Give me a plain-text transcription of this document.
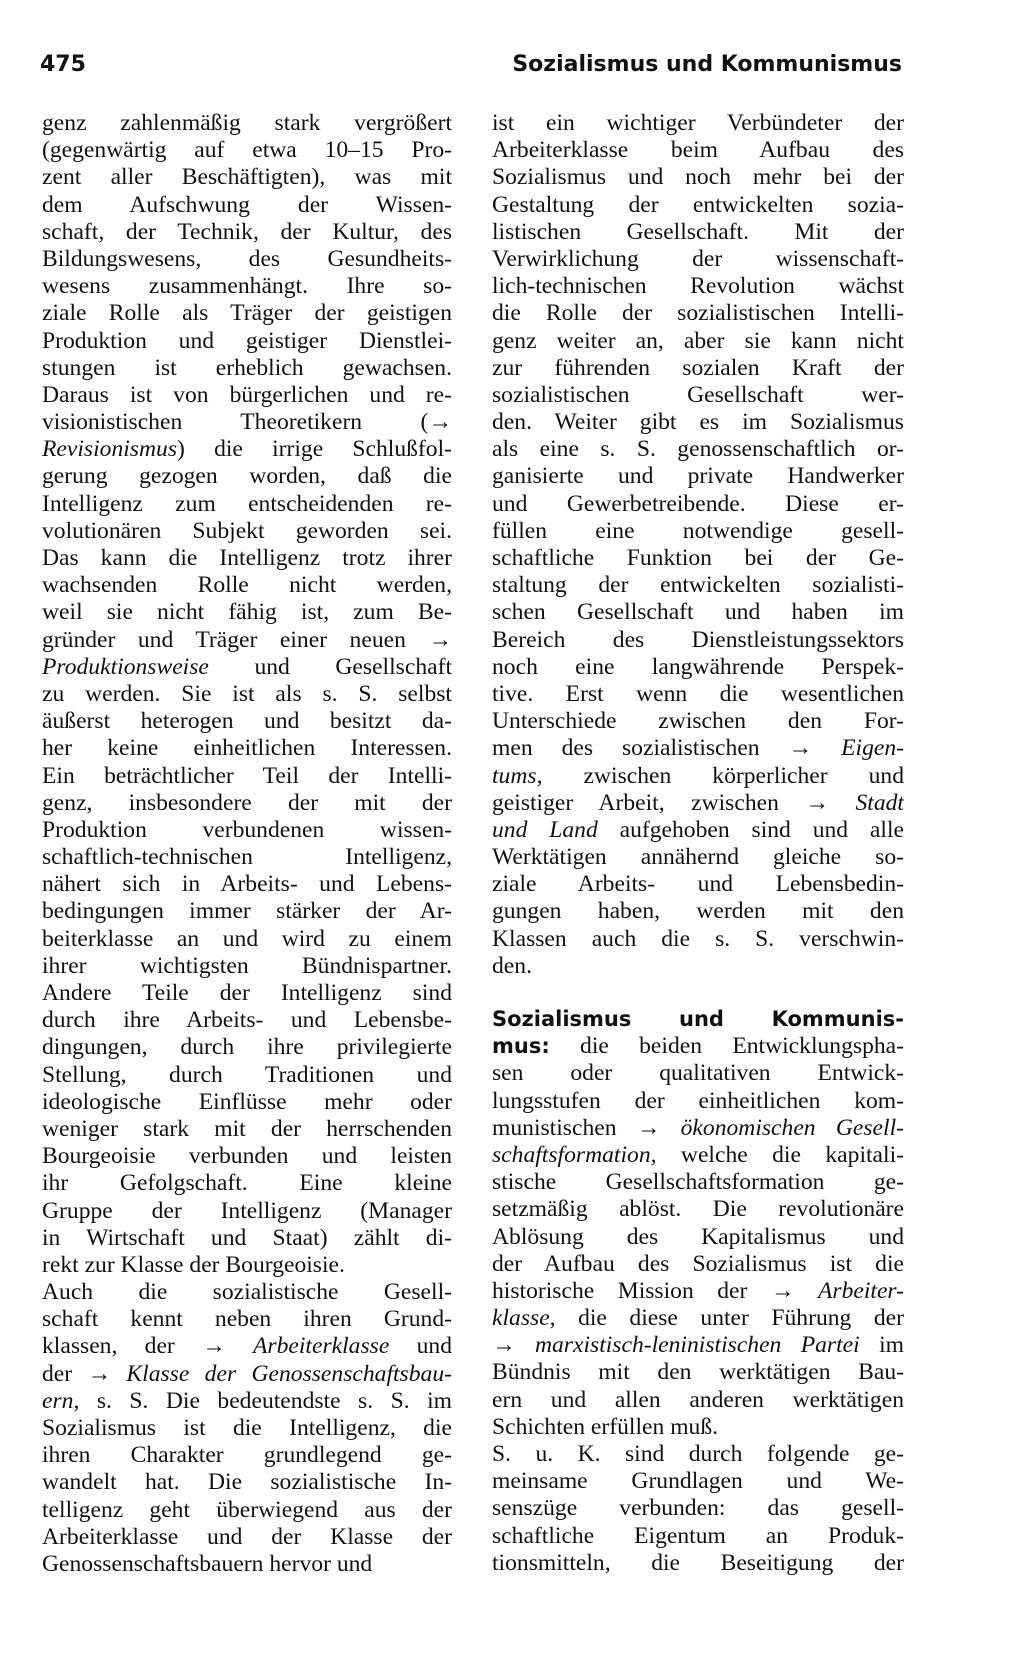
475	Sozialismus und Kommunismus
genz zahlenmäßig stark vergrößert
(gegenwärtig auf etwa 10–15 Pro-
zent aller Beschäftigten), was mit
dem Aufschwung der Wissen-
schaft, der Technik, der Kultur, des
Bildungswesens, des Gesundheits-
wesens zusammenhängt. Ihre so-
ziale Rolle als Träger der geistigen
Produktion und geistiger Dienstlei-
stungen ist erheblich gewachsen.
Daraus ist von bürgerlichen und re-
visionistischen Theoretikern (→
Revisionismus) die irrige Schlußfol-
gerung gezogen worden, daß die
Intelligenz zum entscheidenden re-
volutionären Subjekt geworden sei.
Das kann die Intelligenz trotz ihrer
wachsenden Rolle nicht werden,
weil sie nicht fähig ist, zum Be-
gründer und Träger einer neuen →
Produktionsweise und Gesellschaft
zu werden. Sie ist als s. S. selbst
äußerst heterogen und besitzt da-
her keine einheitlichen Interessen.
Ein beträchtlicher Teil der Intelli-
genz, insbesondere der mit der
Produktion verbundenen wissen-
schaftlich-technischen Intelligenz,
nähert sich in Arbeits- und Lebens-
bedingungen immer stärker der Ar-
beiterklasse an und wird zu einem
ihrer wichtigsten Bündnispartner.
Andere Teile der Intelligenz sind
durch ihre Arbeits- und Lebensbe-
dingungen, durch ihre privilegierte
Stellung, durch Traditionen und
ideologische Einflüsse mehr oder
weniger stark mit der herrschenden
Bourgeoisie verbunden und leisten
ihr Gefolgschaft. Eine kleine
Gruppe der Intelligenz (Manager
in Wirtschaft und Staat) zählt di-
rekt zur Klasse der Bourgeoisie.
Auch die sozialistische Gesell-
schaft kennt neben ihren Grund-
klassen, der → Arbeiterklasse und
der → Klasse der Genossenschaftsbau-
ern, s. S. Die bedeutendste s. S. im
Sozialismus ist die Intelligenz, die
ihren Charakter grundlegend ge-
wandelt hat. Die sozialistische In-
telligenz geht überwiegend aus der
Arbeiterklasse und der Klasse der
Genossenschaftsbauern hervor und
ist ein wichtiger Verbündeter der
Arbeiterklasse beim Aufbau des
Sozialismus und noch mehr bei der
Gestaltung der entwickelten sozia-
listischen Gesellschaft. Mit der
Verwirklichung der wissenschaft-
lich-technischen Revolution wächst
die Rolle der sozialistischen Intelli-
genz weiter an, aber sie kann nicht
zur führenden sozialen Kraft der
sozialistischen Gesellschaft wer-
den. Weiter gibt es im Sozialismus
als eine s. S. genossenschaftlich or-
ganisierte und private Handwerker
und Gewerbetreibende. Diese er-
füllen eine notwendige gesell-
schaftliche Funktion bei der Ge-
staltung der entwickelten sozialisti-
schen Gesellschaft und haben im
Bereich des Dienstleistungssektors
noch eine langwährende Perspek-
tive. Erst wenn die wesentlichen
Unterschiede zwischen den For-
men des sozialistischen → Eigen-
tums, zwischen körperlicher und
geistiger Arbeit, zwischen → Stadt
und Land aufgehoben sind und alle
Werktätigen annähernd gleiche so-
ziale Arbeits- und Lebensbedin-
gungen haben, werden mit den
Klassen auch die s. S. verschwin-
den.
Sozialismus und Kommunis-
mus: die beiden Entwicklungspha-
sen oder qualitativen Entwick-
lungsstufen der einheitlichen kom-
munistischen → ökonomischen Gesell-
schaftsformation, welche die kapitali-
stische Gesellschaftsformation ge-
setzmäßig ablöst. Die revolutionäre
Ablösung des Kapitalismus und
der Aufbau des Sozialismus ist die
historische Mission der → Arbeiter-
klasse, die diese unter Führung der
→ marxistisch-leninistischen Partei im
Bündnis mit den werktätigen Bau-
ern und allen anderen werktätigen
Schichten erfüllen muß.
S. u. K. sind durch folgende ge-
meinsame Grundlagen und We-
senszüge verbunden: das gesell-
schaftliche Eigentum an Produk-
tionsmitteln, die Beseitigung der
